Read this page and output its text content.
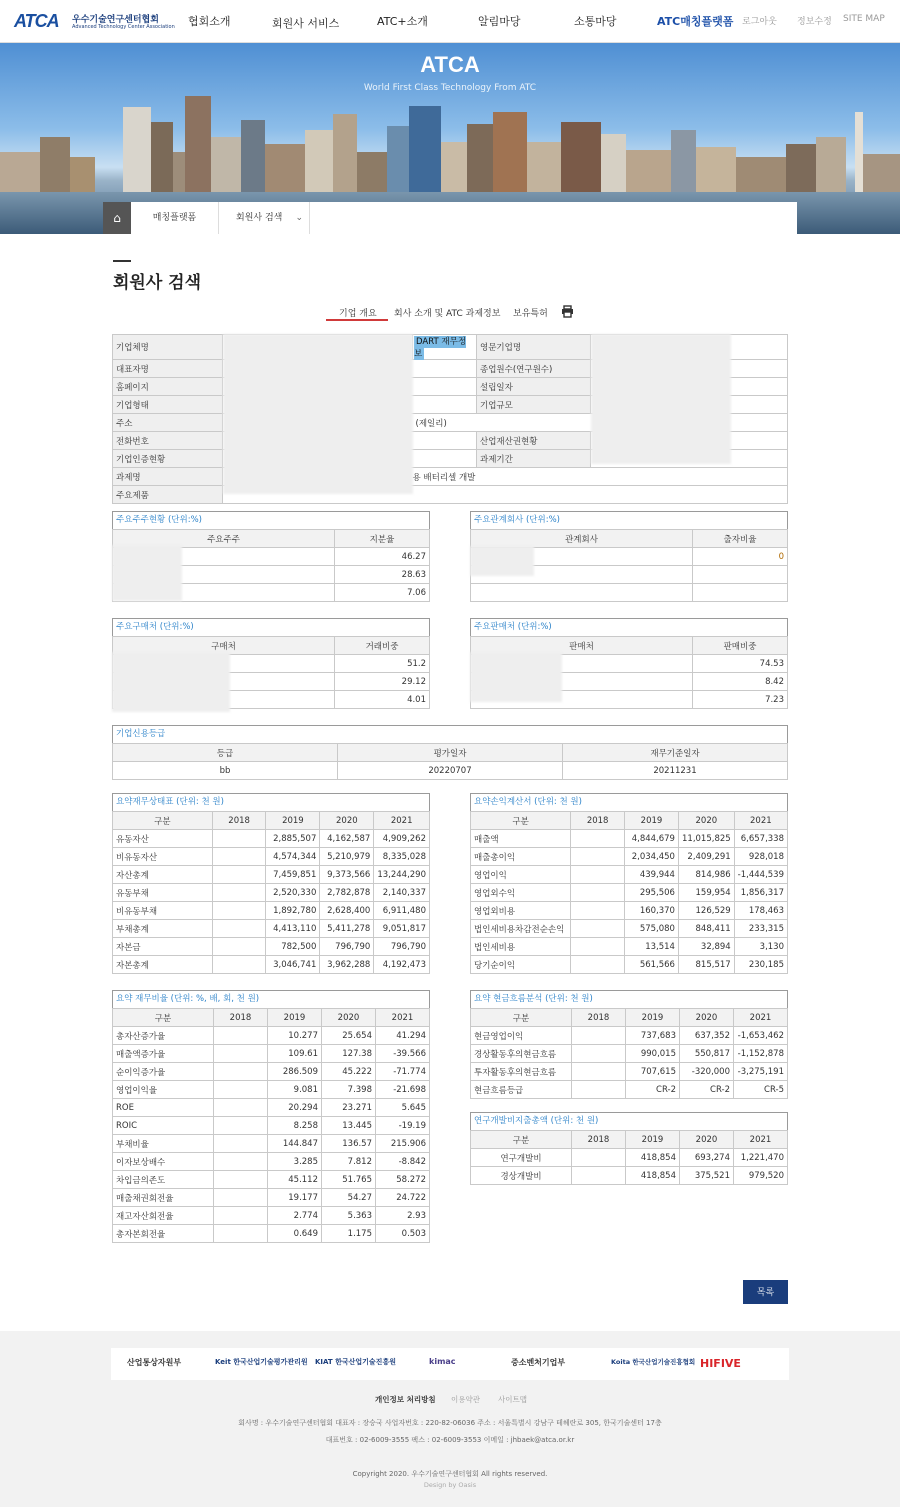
ATCA 우수기술연구센터협회
Advanced Technology Center Association 협회소개	회원사 서비스	ATC+소개	알림마당	소통마당	ATC매칭플랫폼 로그아웃 정보수정 SITE MAP
ATCA
World First Class Technology From ATC
⌂	매칭플랫폼	회원사 검색 ⌄
회원사 검색
기업 개요 회사 소개 및 ATC 과제정보 보유특허
기업체명		DART 재무정보	영문기업명	
대표자명			종업원수(연구원수)	
홈페이지			설립일자	
기업형태			기업규모	
주소		(제일리)		
전화번호			산업재산권현황	
기업인증현황			과제기간	
과제명		용 배터리셀 개발		
주요제품				
주요주주현황 (단위:%)
주요주주	지분율
	46.27
	28.63
	7.06
주요관계회사 (단위:%)
관계회사	출자비율
	0

주요구매처 (단위:%)
구매처	거래비중
	51.2
	29.12
	4.01
주요판매처 (단위:%)
판매처	판매비중
	74.53
	8.42
	7.23
기업신용등급
등급	평가일자	재무기준일자
bb	20220707	20211231
요약재무상태표 (단위: 천 원)
구분	2018	2019	2020	2021
유동자산		2,885,507	4,162,587	4,909,262
비유동자산		4,574,344	5,210,979	8,335,028
자산총계		7,459,851	9,373,566	13,244,290
유동부채		2,520,330	2,782,878	2,140,337
비유동부채		1,892,780	2,628,400	6,911,480
부채총계		4,413,110	5,411,278	9,051,817
자본금		782,500	796,790	796,790
자본총계		3,046,741	3,962,288	4,192,473
요약손익계산서 (단위: 천 원)
구분	2018	2019	2020	2021
매출액		4,844,679	11,015,825	6,657,338
매출총이익		2,034,450	2,409,291	928,018
영업이익		439,944	814,986	-1,444,539
영업외수익		295,506	159,954	1,856,317
영업외비용		160,370	126,529	178,463
법인세비용차감전순손익		575,080	848,411	233,315
법인세비용		13,514	32,894	3,130
당기순이익		561,566	815,517	230,185
요약 재무비율 (단위: %, 배, 회, 천 원)
구분	2018	2019	2020	2021
총자산증가율		10.277	25.654	41.294
매출액증가율		109.61	127.38	-39.566
순이익증가율		286.509	45.222	-71.774
영업이익율		9.081	7.398	-21.698
ROE		20.294	23.271	5.645
ROIC		8.258	13.445	-19.19
부채비율		144.847	136.57	215.906
이자보상배수		3.285	7.812	-8.842
차입금의존도		45.112	51.765	58.272
매출채권회전율		19.177	54.27	24.722
재고자산회전율		2.774	5.363	2.93
총자본회전율		0.649	1.175	0.503
요약 현금흐름분석 (단위: 천 원)
구분	2018	2019	2020	2021
현금영업이익		737,683	637,352	-1,653,462
경상활동후의현금흐름		990,015	550,817	-1,152,878
투자활동후의현금흐름		707,615	-320,000	-3,275,191
현금흐름등급		CR-2	CR-2	CR-5
연구개발비지출총액 (단위: 천 원)
구분	2018	2019	2020	2021
연구개발비		418,854	693,274	1,221,470
경상개발비		418,854	375,521	979,520
목록
산업통상자원부	Keit 한국산업기술평가관리원 KIAT 한국산업기술진흥원	kimac	중소벤처기업부	Koita 한국산업기술진흥협회 HIFIVE
개인정보 처리방침 이용약관 사이트맵
회사명 : 우수기술연구센터협회 대표자 : 장승국 사업자번호 : 220-82-06036 주소 : 서울특별시 강남구 테헤란로 305, 한국기술센터 17층
대표번호 : 02-6009-3555 팩스 : 02-6009-3553 이메일 : jhbaek@atca.or.kr
Copyright 2020. 우수기술연구센터협회 All rights reserved.
Design by Oasis
